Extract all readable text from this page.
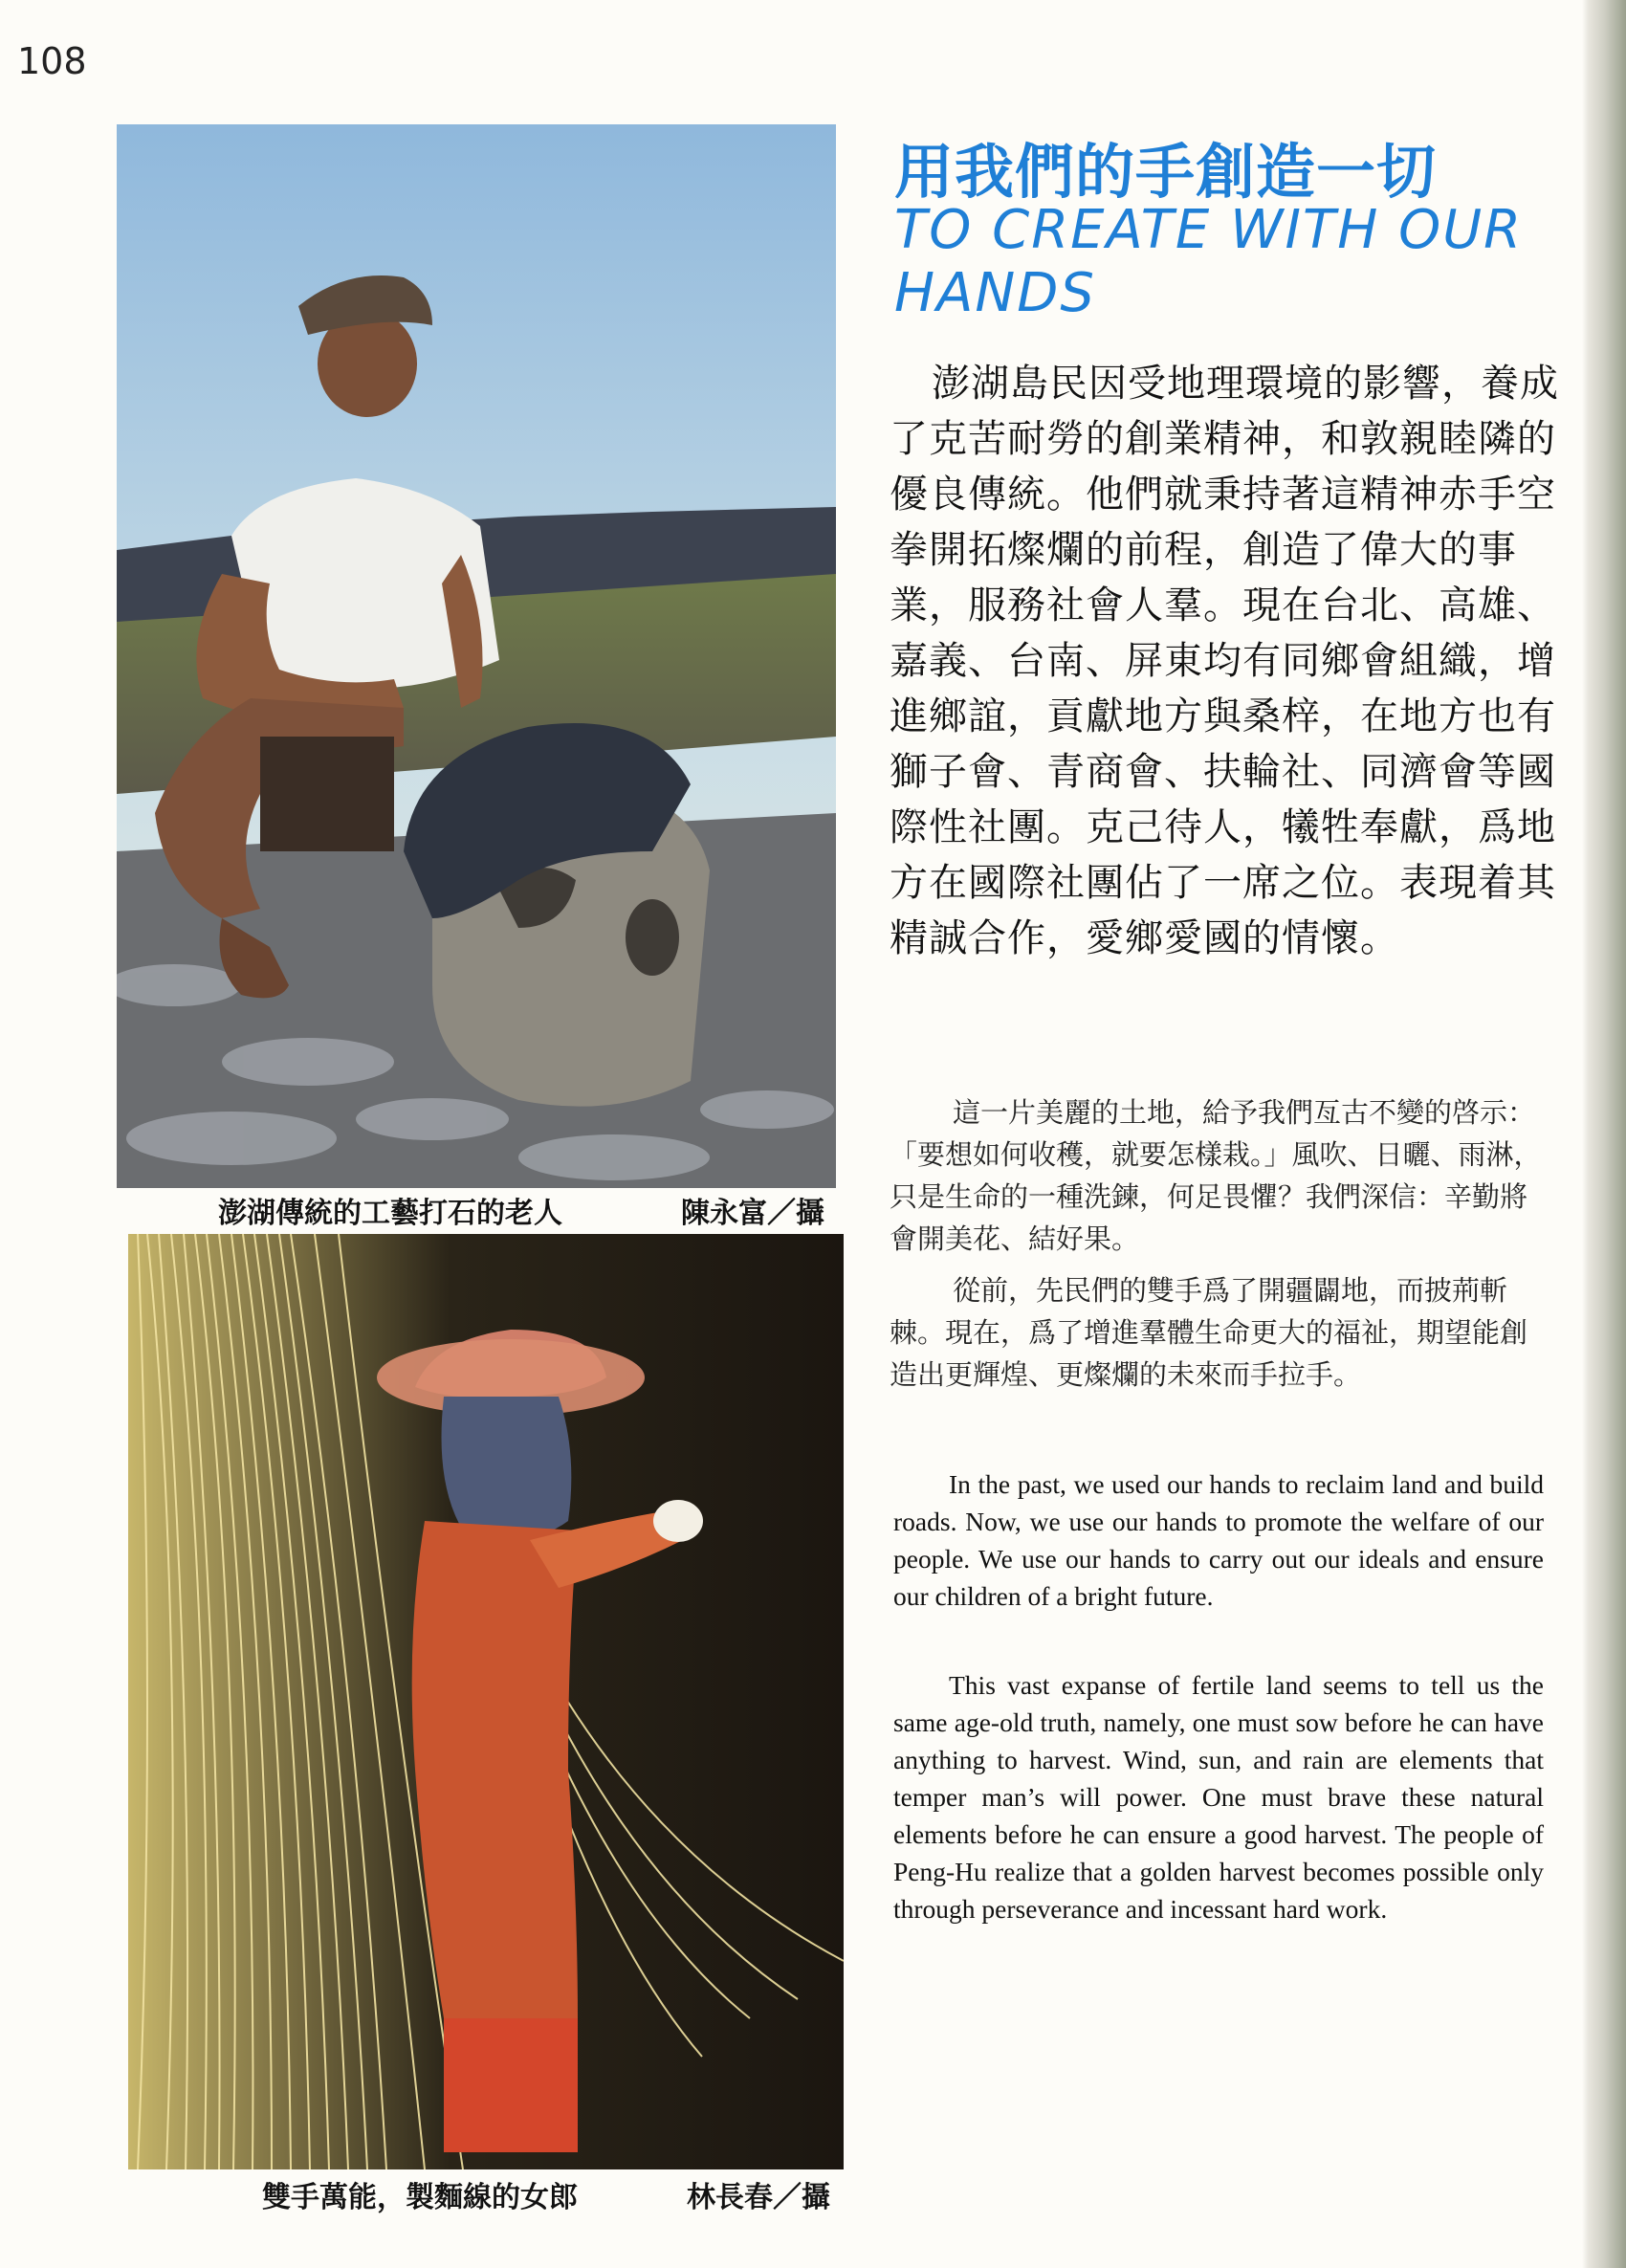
108
澎湖傳統的工藝打石的老人	陳永富／攝
雙手萬能，製麵線的女郎	林長春／攝
用我們的手創造一切
TO CREATE WITH OUR HANDS
澎湖島民因受地理環境的影響，養成了克苦耐勞的創業精神，和敦親睦隣的優良傳統。他們就秉持著這精神赤手空拳開拓燦爛的前程，創造了偉大的事業，服務社會人羣。現在台北、高雄、嘉義、台南、屏東均有同鄉會組織，增進鄉誼，貢獻地方與桑梓，在地方也有獅子會、青商會、扶輪社、同濟會等國際性社團。克己待人，犧牲奉獻，爲地方在國際社團佔了一席之位。表現着其精誠合作，愛鄉愛國的情懷。
這一片美麗的土地，給予我們亙古不變的啓示：「要想如何收穫，就要怎樣栽。」風吹、日曬、雨淋，只是生命的一種洗鍊，何足畏懼？我們深信：辛勤將會開美花、結好果。
從前，先民們的雙手爲了開疆闢地，而披荊斬棘。現在，爲了增進羣體生命更大的福祉，期望能創造出更輝煌、更燦爛的未來而手拉手。
In the past, we used our hands to reclaim land and build roads. Now, we use our hands to promote the welfare of our people. We use our hands to carry out our ideals and ensure our children of a bright future.
This vast expanse of fertile land seems to tell us the same age-old truth, namely, one must sow before he can have anything to harvest. Wind, sun, and rain are elements that temper man’s will power. One must brave these natural elements before he can ensure a good harvest. The people of Peng-Hu realize that a golden harvest becomes possible only through perseverance and incessant hard work.
